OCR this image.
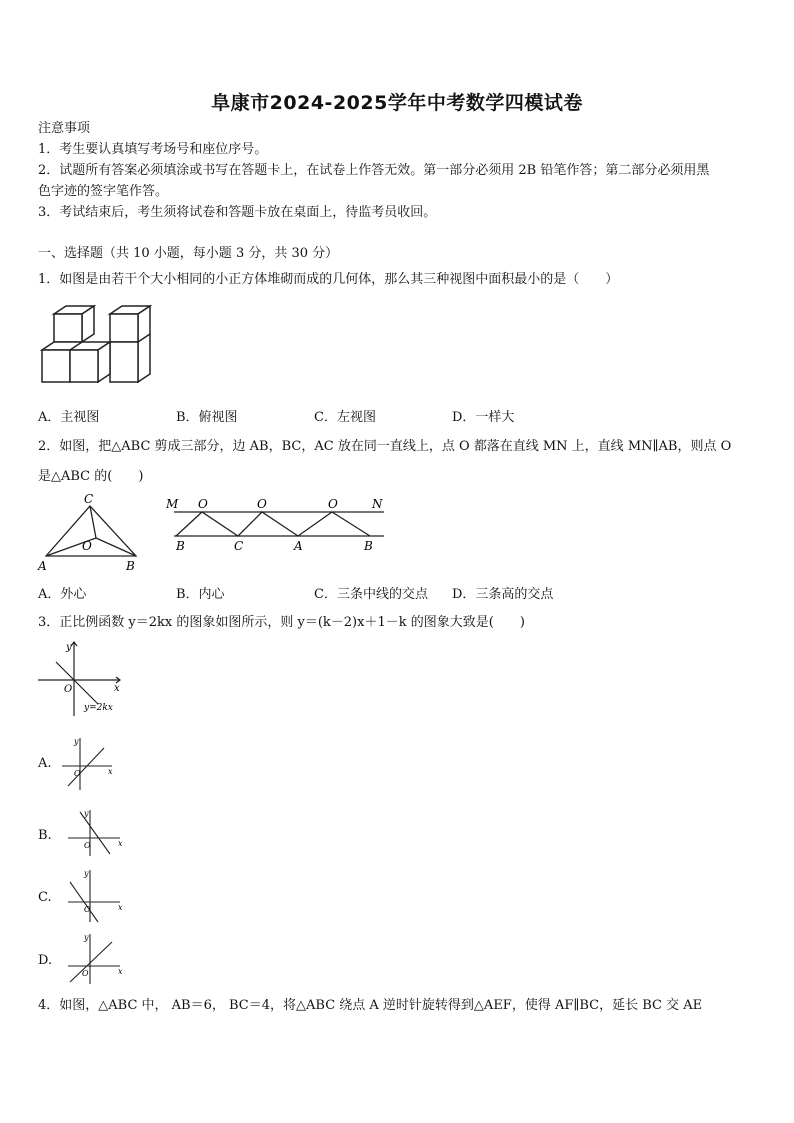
阜康市2024-2025学年中考数学四模试卷
注意事项
1．考生要认真填写考场号和座位序号。
2．试题所有答案必须填涂或书写在答题卡上，在试卷上作答无效。第一部分必须用 2B 铅笔作答；第二部分必须用黑
色字迹的签字笔作答。
3．考试结束后，考生须将试卷和答题卡放在桌面上，待监考员收回。
一、选择题（共 10 小题，每小题 3 分，共 30 分）
1．如图是由若干个大小相同的小正方体堆砌而成的几何体，那么其三种视图中面积最小的是（　　）
A．主视图	B．俯视图	C．左视图	D．一样大
2．如图，把△ABC 剪成三部分，边 AB，BC，AC 放在同一直线上，点 O 都落在直线 MN 上，直线 MN∥AB，则点 O
是△ABC 的(　　)
C
O
A	B
M	N
O	O	O
B	C	A	B
A．外心	B．内心	C．三条中线的交点 D．三条高的交点
3．正比例函数 y＝2kx 的图象如图所示，则 y＝(k－2)x＋1－k 的图象大致是(　　)
y
O	x
y=2kx
A.
y
O	x
B.
y
O	x
C.
y
O	x
D.
y
O	x
4．如图，△ABC 中， AB＝6， BC＝4，将△ABC 绕点 A 逆时针旋转得到△AEF，使得 AF∥BC，延长 BC 交 AE
